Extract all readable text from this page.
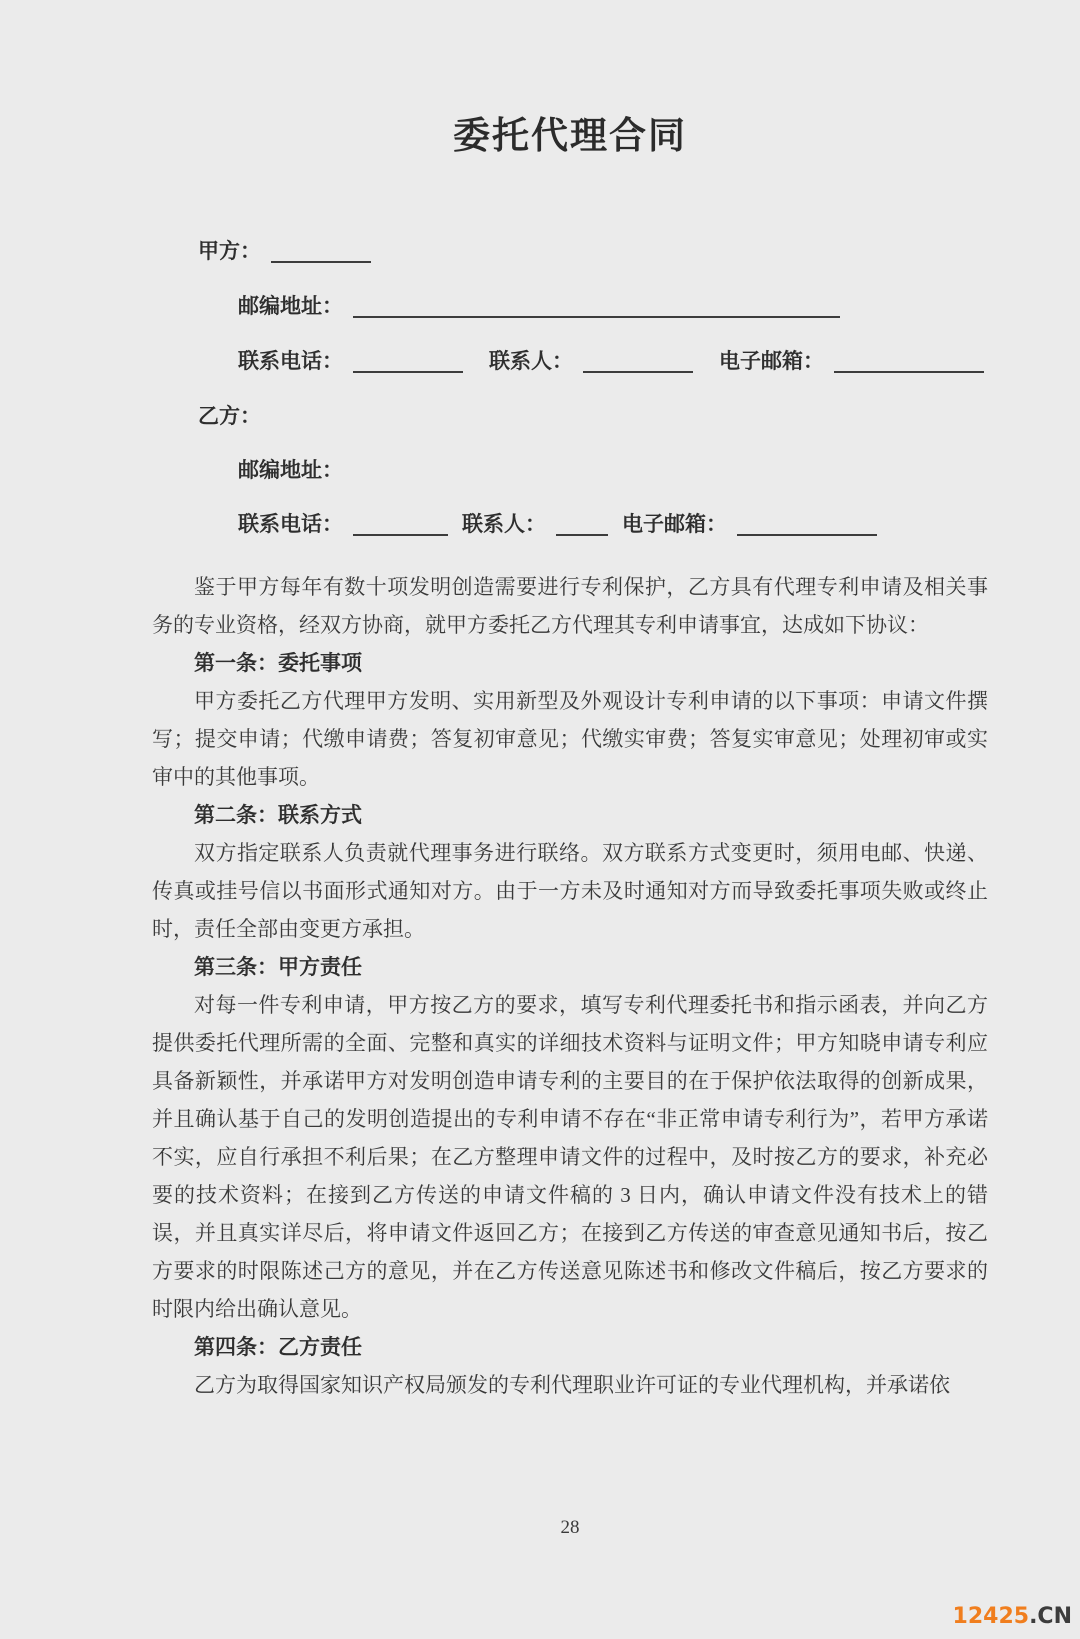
委托代理合同
甲方：
邮编地址：
联系电话：	联系人：	电子邮箱：
乙方：
邮编地址：
联系电话：	联系人：	电子邮箱：

鉴于甲方每年有数十项发明创造需要进行专利保护，乙方具有代理专利申请及相关事务的专业资格，经双方协商，就甲方委托乙方代理其专利申请事宜，达成如下协议：

第一条：委托事项

甲方委托乙方代理甲方发明、实用新型及外观设计专利申请的以下事项：申请文件撰写；提交申请；代缴申请费；答复初审意见；代缴实审费；答复实审意见；处理初审或实审中的其他事项。

第二条：联系方式

双方指定联系人负责就代理事务进行联络。双方联系方式变更时，须用电邮、快递、传真或挂号信以书面形式通知对方。由于一方未及时通知对方而导致委托事项失败或终止时，责任全部由变更方承担。

第三条：甲方责任

对每一件专利申请，甲方按乙方的要求，填写专利代理委托书和指示函表，并向乙方提供委托代理所需的全面、完整和真实的详细技术资料与证明文件；甲方知晓申请专利应具备新颖性，并承诺甲方对发明创造申请专利的主要目的在于保护依法取得的创新成果，并且确认基于自己的发明创造提出的专利申请不存在“非正常申请专利行为”，若甲方承诺不实，应自行承担不利后果；在乙方整理申请文件的过程中，及时按乙方的要求，补充必要的技术资料；在接到乙方传送的申请文件稿的 3 日内，确认申请文件没有技术上的错误，并且真实详尽后，将申请文件返回乙方；在接到乙方传送的审查意见通知书后，按乙方要求的时限陈述己方的意见，并在乙方传送意见陈述书和修改文件稿后，按乙方要求的时限内给出确认意见。

第四条：乙方责任

乙方为取得国家知识产权局颁发的专利代理职业许可证的专业代理机构，并承诺依

28
12425.CN
